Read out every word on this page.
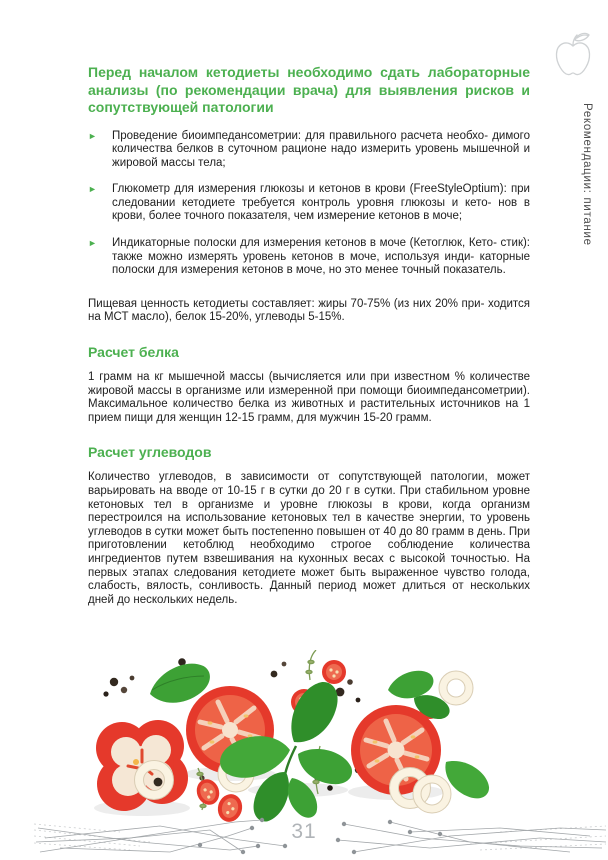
Рекомендации: питание
Перед началом кетодиеты необходимо сдать лабораторные анализы (по рекомендации врача) для выявления рисков и сопутствующей патологии
►	Проведение биоимпедансометрии: для правильного расчета необхо- димого количества белков в суточном рационе надо измерить уровень мышечной и жировой массы тела;
►	Глюкометр для измерения глюкозы и кетонов в крови (FreeStyleOptium): при следовании кетодиете требуется контроль уровня глюкозы и кето- нов в крови, более точного показателя, чем измерение кетонов в моче;
►	Индикаторные полоски для измерения кетонов в моче (Кетоглюк, Кето- стик): также можно измерять уровень кетонов в моче, используя инди- каторные полоски для измерения кетонов в моче, но это менее точный показатель.

Пищевая ценность кетодиеты составляет: жиры 70-75% (из них 20% при- ходится на МСТ масло), белок 15-20%, углеводы 5-15%.

Расчет белка

1 грамм на кг мышечной массы (вычисляется или при известном % количестве жировой массы в организме или измеренной при помощи биоимпедансометрии). Максимальное количество белка из животных и растительных источников на 1 прием пищи для женщин 12-15 грамм, для мужчин 15-20 грамм.

Расчет углеводов

Количество углеводов, в зависимости от сопутствующей патологии, может варьировать на вводе от 10-15 г в сутки до 20 г в сутки. При стабильном уровне кетоновых тел в организме и уровне глюкозы в крови, когда организм перестроился на использование кетоновых тел в качестве энергии, то уровень углеводов в сутки может быть постепенно повышен от 40 до 80 грамм в день. При приготовлении кетоблюд необходимо строгое соблюдение количества ингредиентов путем взвешивания на кухонных весах с высокой точностью. На первых этапах следования кетодиете может быть выраженное чувство голода, слабость, вялость, сонливость. Данный период может длиться от нескольких дней до нескольких недель.

31
